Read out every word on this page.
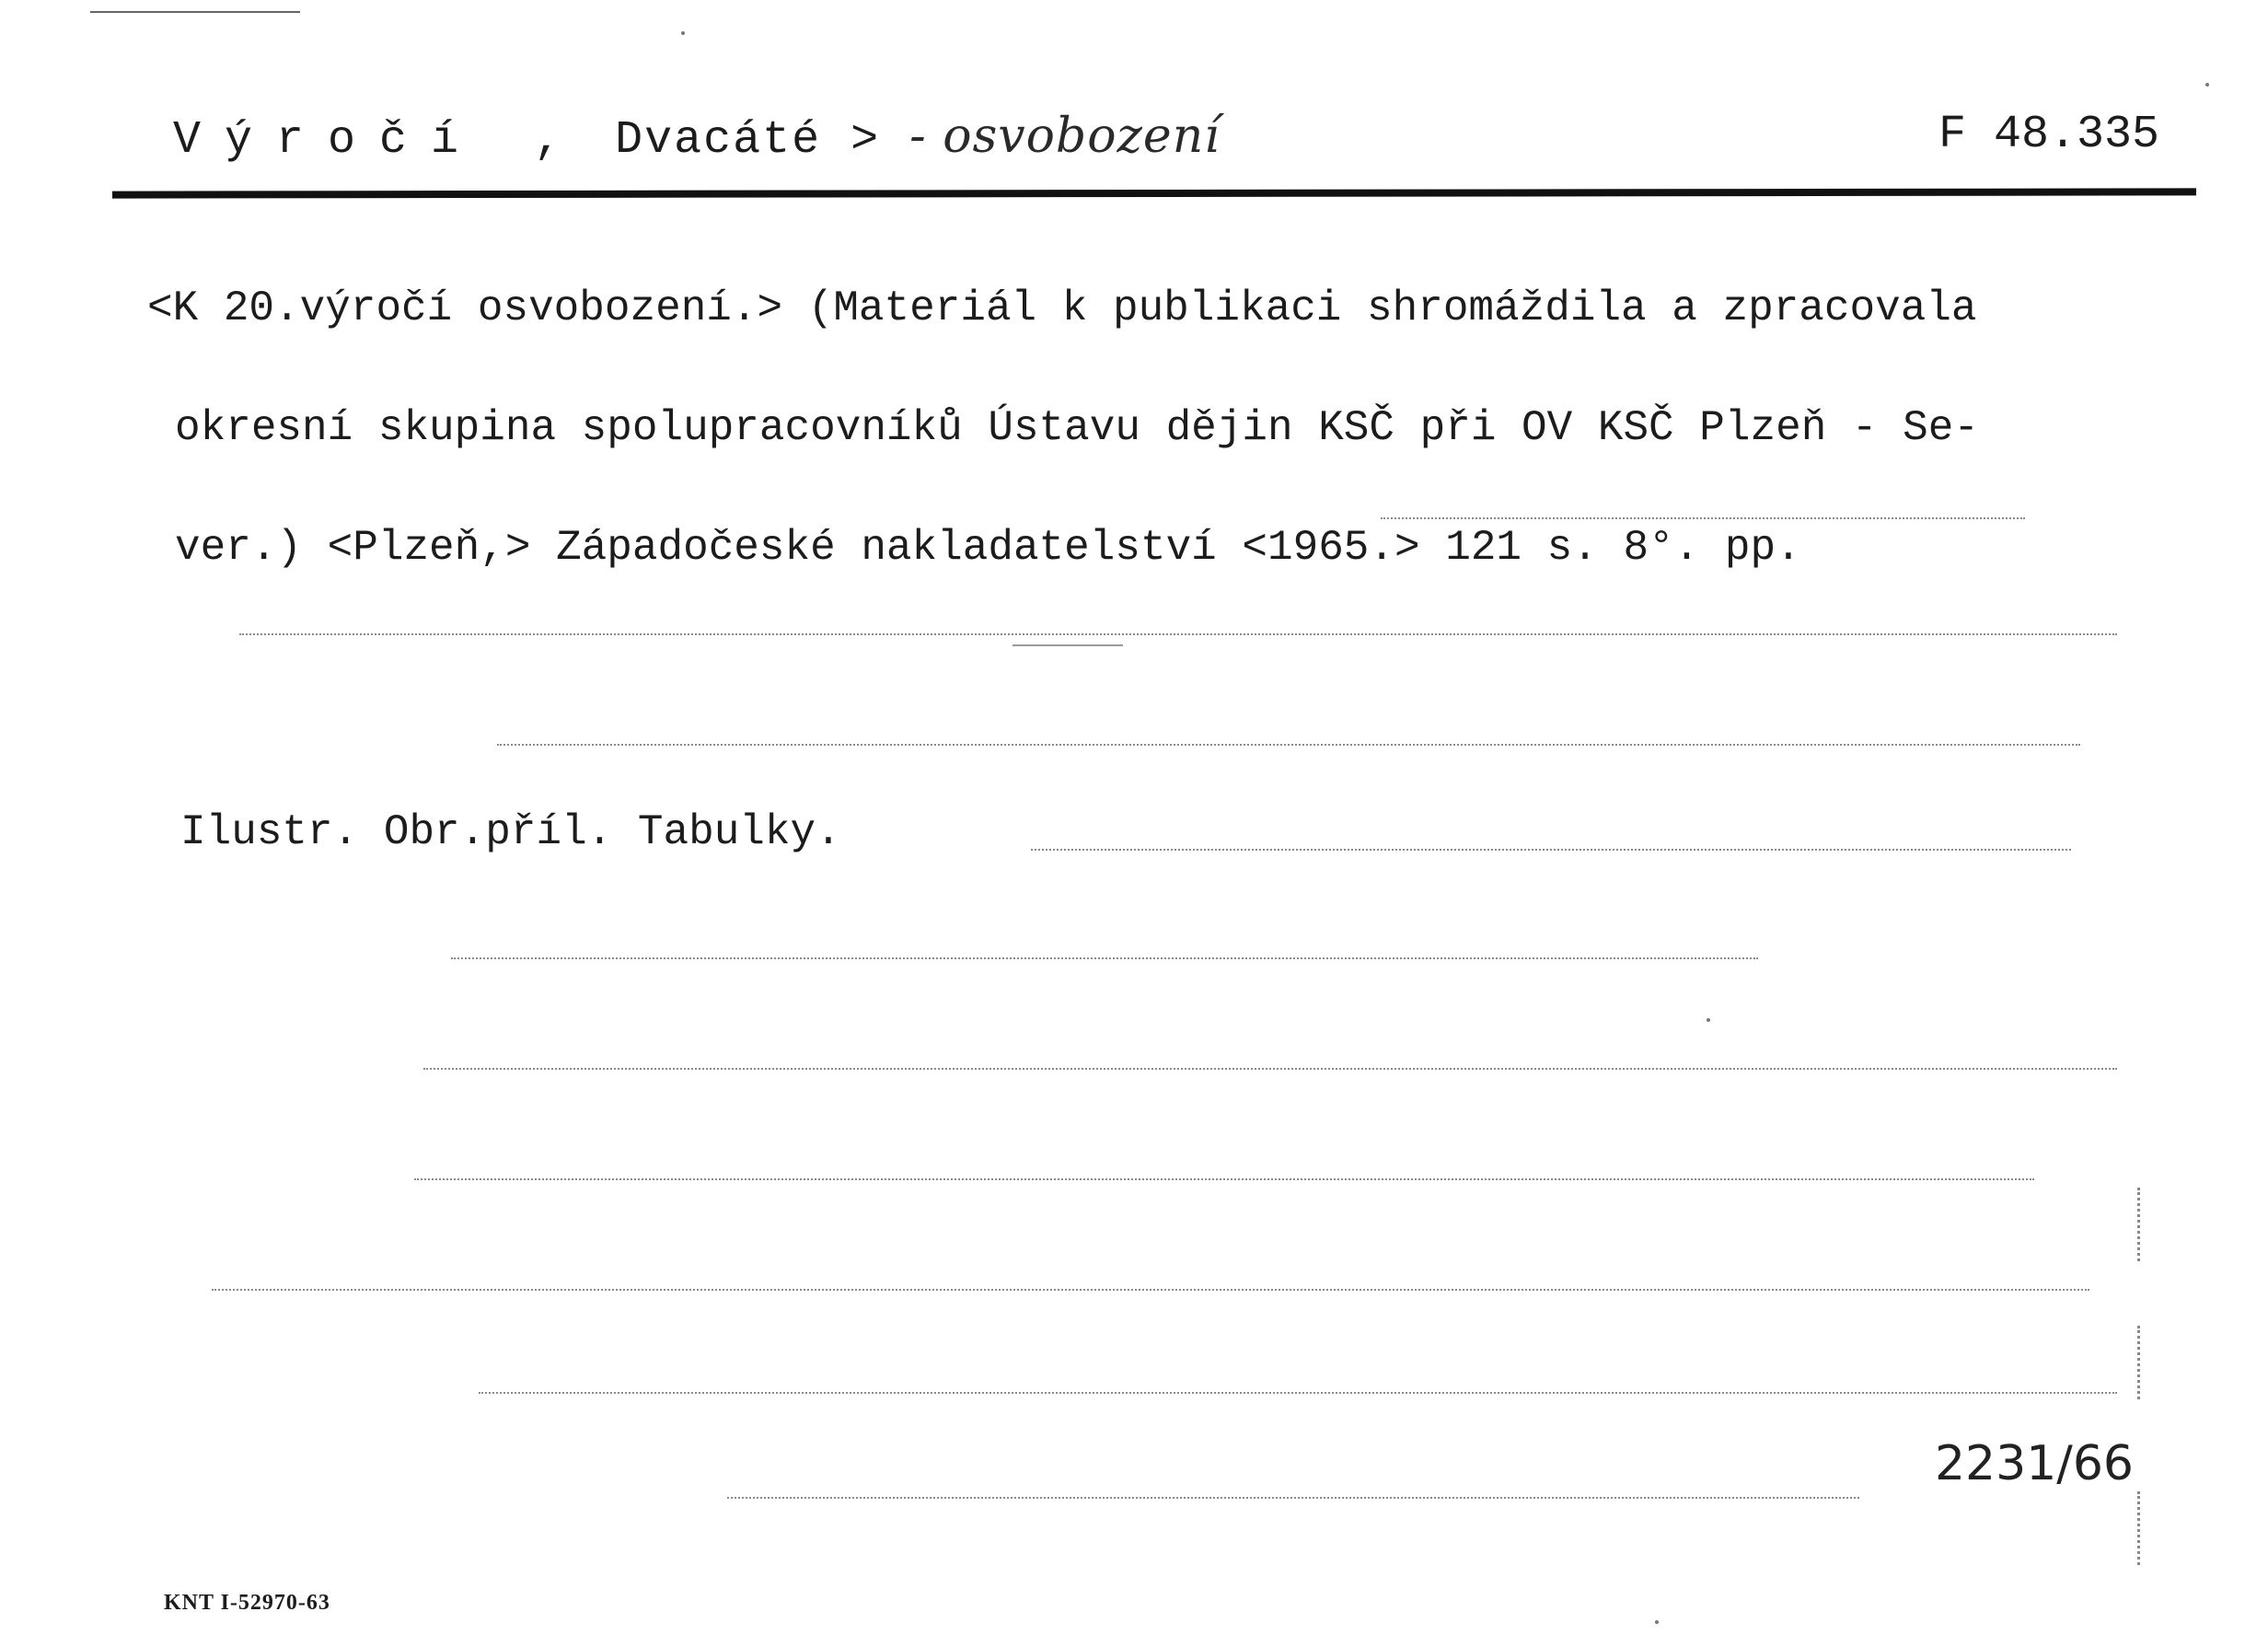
Výročí , Dvacáté > - osvobození	F 48.335

<K 20.výročí osvobození.> (Materiál k publikaci shromáždila a zpracovala

okresní skupina spolupracovníků Ústavu dějin KSČ při OV KSČ Plzeň - Se-

ver.) <Plzeň,> Západočeské nakladatelství <1965.> 121 s. 8°. pp.

Ilustr. Obr.příl. Tabulky.
2231/66
KNT I-52970-63
